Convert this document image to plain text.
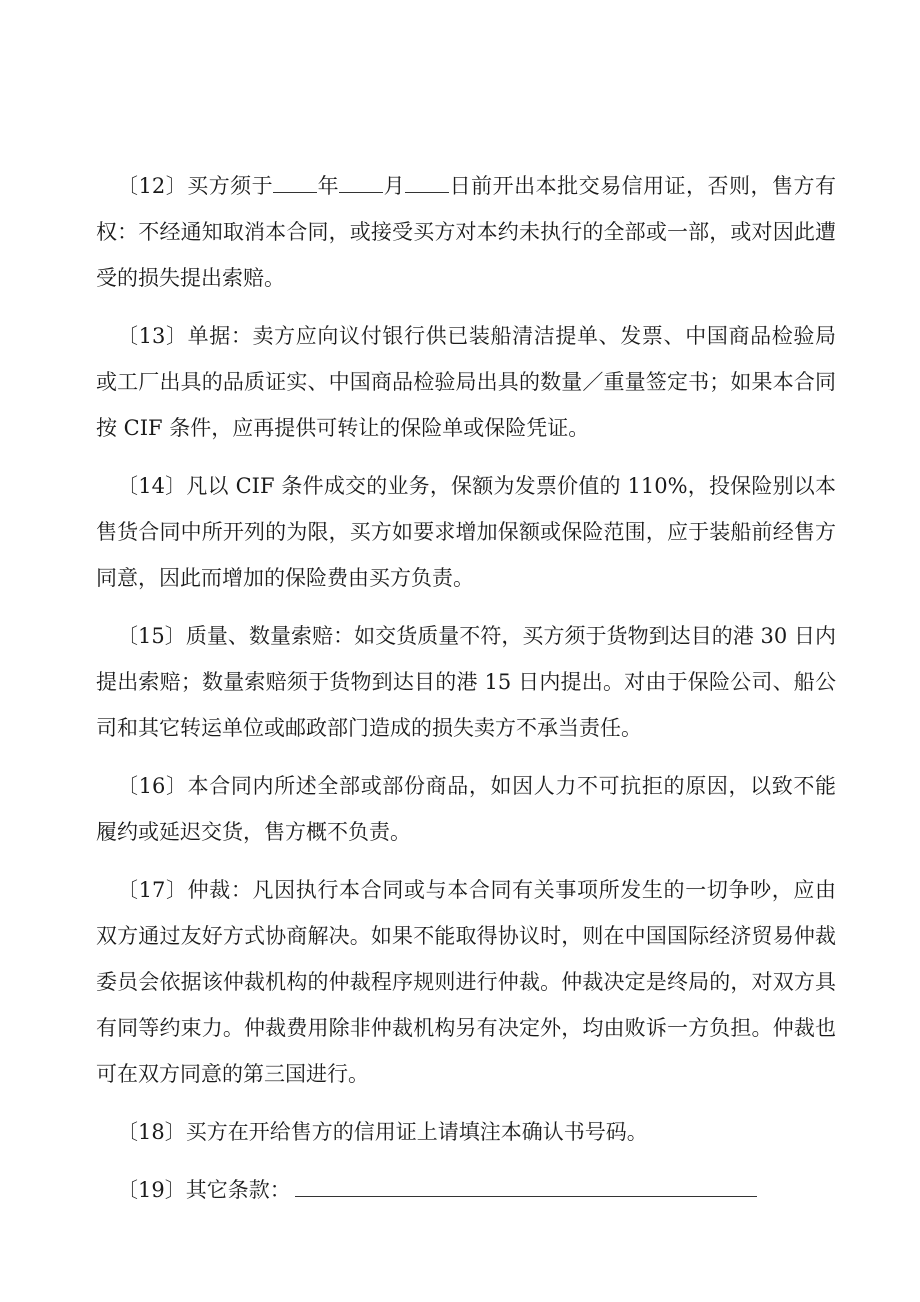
〔12〕买方须于 年 月 日前开出本批交易信用证，否则，售方有权：不经通知取消本合同，或接受买方对本约未执行的全部或一部，或对因此遭受的损失提出索赔。

〔13〕单据：卖方应向议付银行供已装船清洁提单、发票、中国商品检验局或工厂出具的品质证实、中国商品检验局出具的数量／重量签定书；如果本合同按 CIF 条件，应再提供可转让的保险单或保险凭证。

〔14〕凡以 CIF 条件成交的业务，保额为发票价值的 110%，投保险别以本售货合同中所开列的为限，买方如要求增加保额或保险范围，应于装船前经售方同意，因此而增加的保险费由买方负责。

〔15〕质量、数量索赔：如交货质量不符，买方须于货物到达目的港 30 日内提出索赔；数量索赔须于货物到达目的港 15 日内提出。对由于保险公司、船公司和其它转运单位或邮政部门造成的损失卖方不承当责任。

〔16〕本合同内所述全部或部份商品，如因人力不可抗拒的原因，以致不能履约或延迟交货，售方概不负责。

〔17〕仲裁：凡因执行本合同或与本合同有关事项所发生的一切争吵，应由双方通过友好方式协商解决。如果不能取得协议时，则在中国国际经济贸易仲裁委员会依据该仲裁机构的仲裁程序规则进行仲裁。仲裁决定是终局的，对双方具有同等约束力。仲裁费用除非仲裁机构另有决定外，均由败诉一方负担。仲裁也可在双方同意的第三国进行。

〔18〕买方在开给售方的信用证上请填注本确认书号码。

〔19〕其它条款：
